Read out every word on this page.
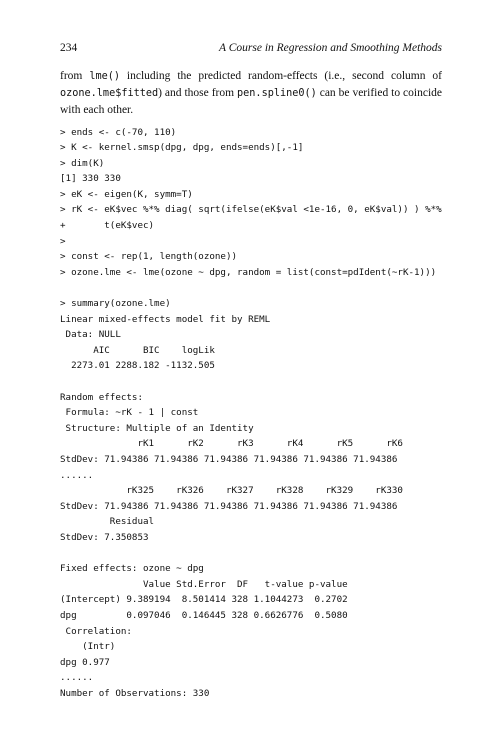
234	A Course in Regression and Smoothing Methods

from lme() including the predicted random-effects (i.e., second column of ozone.lme$fitted) and those from pen.spline0() can be verified to coincide with each other.

> ends <- c(-70, 110)
> K <- kernel.smsp(dpg, dpg, ends=ends)[,-1]
> dim(K)
[1] 330 330
> eK <- eigen(K, symm=T)
> rK <- eK$vec %*% diag( sqrt(ifelse(eK$val <1e-16, 0, eK$val)) ) %*%
+       t(eK$vec)
>
> const <- rep(1, length(ozone))
> ozone.lme <- lme(ozone ~ dpg, random = list(const=pdIdent(~rK-1)))
> summary(ozone.lme)
Linear mixed-effects model fit by REML
Data: NULL
AIC      BIC    logLik
2273.01 2288.182 -1132.505
Random effects:
Formula: ~rK - 1 | const
Structure: Multiple of an Identity
rK1      rK2      rK3      rK4      rK5      rK6
StdDev: 71.94386 71.94386 71.94386 71.94386 71.94386 71.94386
......
rK325    rK326    rK327    rK328    rK329    rK330
StdDev: 71.94386 71.94386 71.94386 71.94386 71.94386 71.94386
Residual
StdDev: 7.350853
Fixed effects: ozone ~ dpg
Value Std.Error  DF   t-value p-value
(Intercept) 9.389194  8.501414 328 1.1044273  0.2702
dpg         0.097046  0.146445 328 0.6626776  0.5080
Correlation:
(Intr)
dpg 0.977
......
Number of Observations: 330
